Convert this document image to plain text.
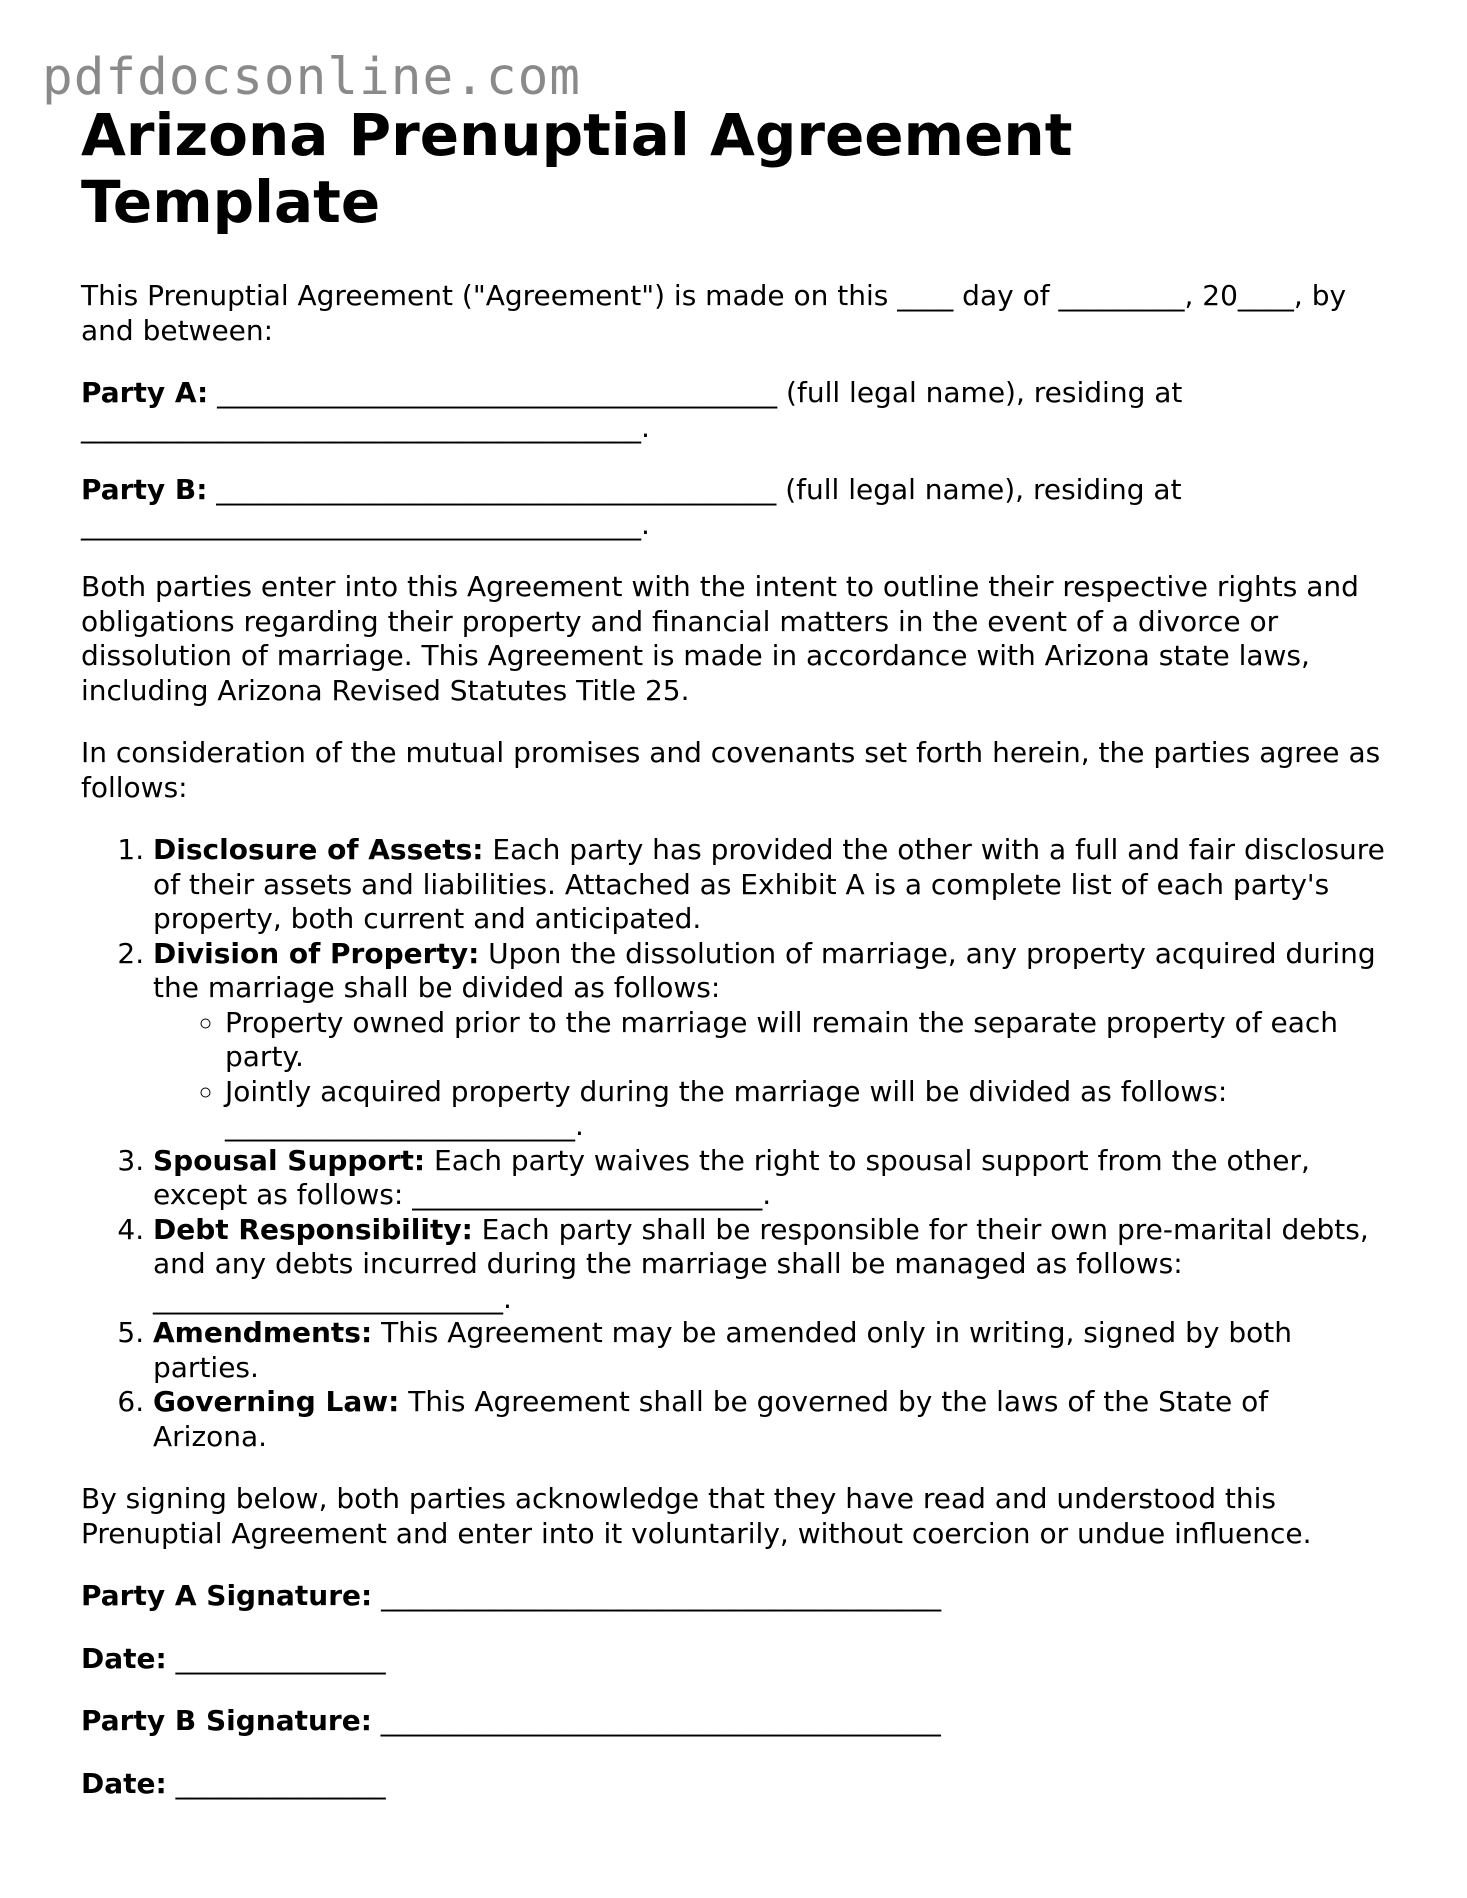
pdfdocsonline.com
Arizona Prenuptial Agreement Template

This Prenuptial Agreement ("Agreement") is made on this ____ day of _________, 20____, by and between:

Party A: ________________________________________ (full legal name), residing at ________________________________________.

Party B: ________________________________________ (full legal name), residing at ________________________________________.

Both parties enter into this Agreement with the intent to outline their respective rights and obligations regarding their property and financial matters in the event of a divorce or dissolution of marriage. This Agreement is made in accordance with Arizona state laws, including Arizona Revised Statutes Title 25.

In consideration of the mutual promises and covenants set forth herein, the parties agree as follows:

1. Disclosure of Assets: Each party has provided the other with a full and fair disclosure of their assets and liabilities. Attached as Exhibit A is a complete list of each party's property, both current and anticipated.
2. Division of Property: Upon the dissolution of marriage, any property acquired during the marriage shall be divided as follows:
◦ Property owned prior to the marriage will remain the separate property of each party.
◦ Jointly acquired property during the marriage will be divided as follows: _________________________.
3. Spousal Support: Each party waives the right to spousal support from the other, except as follows: _________________________.
4. Debt Responsibility: Each party shall be responsible for their own pre-marital debts, and any debts incurred during the marriage shall be managed as follows: _________________________.
5. Amendments: This Agreement may be amended only in writing, signed by both parties.
6. Governing Law: This Agreement shall be governed by the laws of the State of Arizona.

By signing below, both parties acknowledge that they have read and understood this Prenuptial Agreement and enter into it voluntarily, without coercion or undue influence.

Party A Signature: ________________________________________

Date: _______________

Party B Signature: ________________________________________

Date: _______________
